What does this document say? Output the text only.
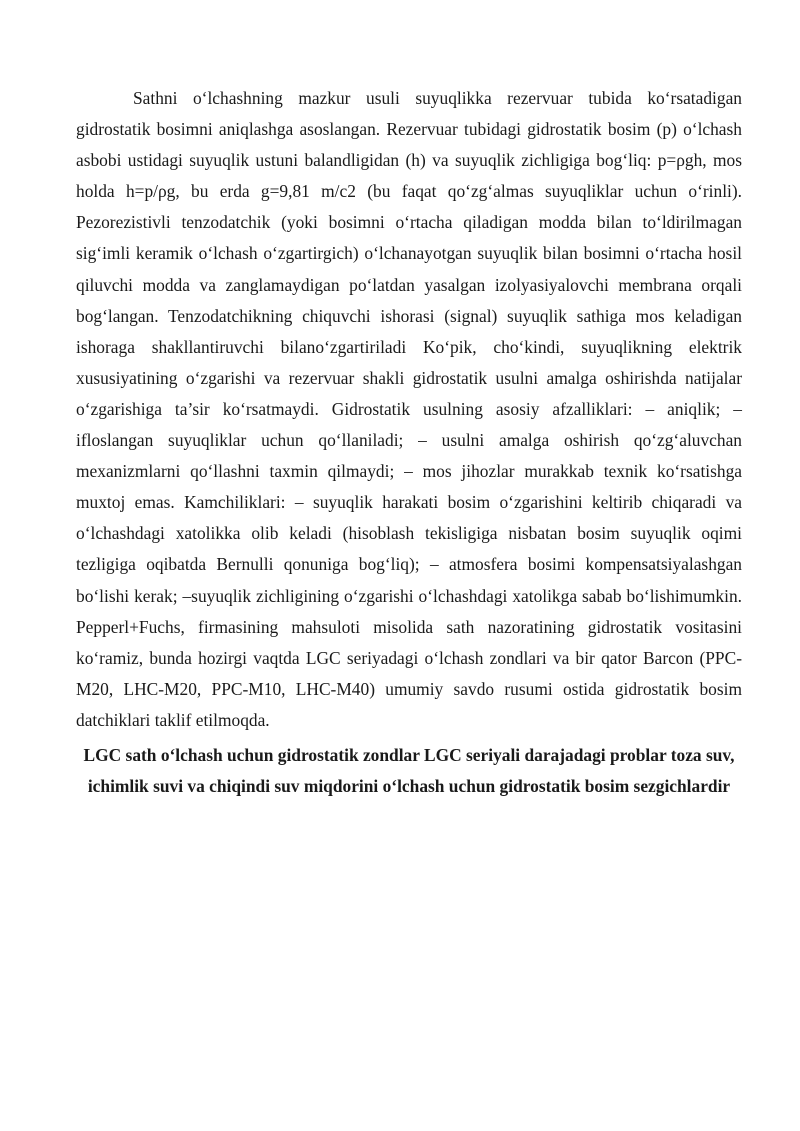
Sathni o‘lchashning mazkur usuli suyuqlikka rezervuar tubida ko‘rsatadigan gidrostatik bosimni aniqlashga asoslangan. Rezervuar tubidagi gidrostatik bosim (p) o‘lchash asbobi ustidagi suyuqlik ustuni balandligidan (h) va suyuqlik zichligiga bog‘liq: p=ρgh, mos holda h=p/ρg, bu erda g=9,81 m/c2 (bu faqat qo‘zg‘almas suyuqliklar uchun o‘rinli). Pezorezistivli tenzodatchik (yoki bosimni o‘rtacha qiladigan modda bilan to‘ldirilmagan sig‘imli keramik o‘lchash o‘zgartirgich) o‘lchanayotgan suyuqlik bilan bosimni o‘rtacha hosil qiluvchi modda va zanglamaydigan po‘latdan yasalgan izolyasiyalovchi membrana orqali bog‘langan. Tenzodatchikning chiquvchi ishorasi (signal) suyuqlik sathiga mos keladigan ishoraga shakllantiruvchi bilano‘zgartiriladi Ko‘pik, cho‘kindi, suyuqlikning elektrik xususiyatining o‘zgarishi va rezervuar shakli gidrostatik usulni amalga oshirishda natijalar o‘zgarishiga ta’sir ko‘rsatmaydi. Gidrostatik usulning asosiy afzalliklari: – aniqlik; – ifloslangan suyuqliklar uchun qo‘llaniladi; – usulni amalga oshirish qo‘zg‘aluvchan mexanizmlarni qo‘llashni taxmin qilmaydi; – mos jihozlar murakkab texnik ko‘rsatishga muxtoj emas. Kamchiliklari: – suyuqlik harakati bosim o‘zgarishini keltirib chiqaradi va o‘lchashdagi xatolikka olib keladi (hisoblash tekisligiga nisbatan bosim suyuqlik oqimi tezligiga oqibatda Bernulli qonuniga bog‘liq); – atmosfera bosimi kompensatsiyalashgan bo‘lishi kerak; –suyuqlik zichligining o‘zgarishi o‘lchashdagi xatolikga sabab bo‘lishimumkin. Pepperl+Fuchs, firmasining mahsuloti misolida sath nazoratining gidrostatik vositasini ko‘ramiz, bunda hozirgi vaqtda LGC seriyadagi o‘lchash zondlari va bir qator Barcon (PPC-M20, LHC-M20, PPC-M10, LHC-M40) umumiy savdo rusumi ostida gidrostatik bosim datchiklari taklif etilmoqda.

LGC sath o‘lchash uchun gidrostatik zondlar LGC seriyali darajadagi problar toza suv, ichimlik suvi va chiqindi suv miqdorini o‘lchash uchun gidrostatik bosim sezgichlardir
